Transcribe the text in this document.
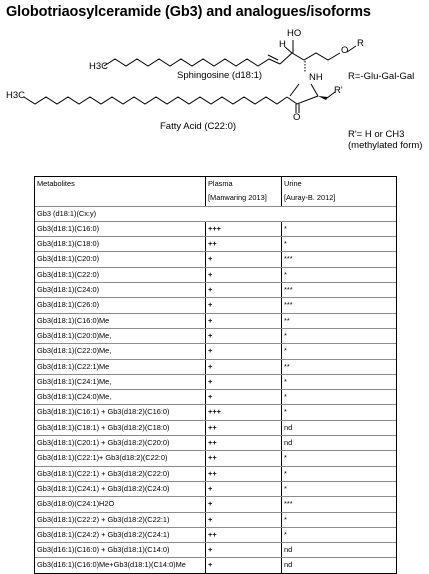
Globotriaosylceramide (Gb3) and analogues/isoforms
HO
H
O
R
NH
H3C
H3C	R'
O
Sphingosine (d18:1)
Fatty Acid (C22:0)
R=-Glu-Gal-Gal
R'= H or CH3
(methylated form)
Metabolites	Plasma	Urine
[Manwaring 2013]	[Auray-B. 2012]
Gb3 (d18:1)(Cx:y)
Gb3(d18:1)(C16:0)	+++	*
Gb3(d18:1)(C18:0)	++	*
Gb3(d18:1)(C20:0)	+	***
Gb3(d18:1)(C22:0)	+	*
Gb3(d18:1)(C24:0)	+	***
Gb3(d18:1)(C26:0)	+	***
Gb3(d18:1)(C16:0)Me	+	**
Gb3(d18:1)(C20:0)Me,	+	*
Gb3(d18:1)(C22:0)Me,	+	*
Gb3(d18:1)(C22:1)Me	+	**
Gb3(d18:1)(C24:1)Me,	+	*
Gb3(d18:1)(C24:0)Me,	+	*
Gb3(d18:1)(C16:1) + Gb3(d18:2)(C16:0)	+++	*
Gb3(d18:1)(C18:1) + Gb3(d18:2)(C18:0)	++	nd
Gb3(d18:1)(C20:1) + Gb3(d18:2)(C20:0)	++	nd
Gb3(d18:1)(C22:1)+ Gb3(d18:2)(C22:0)	++	*
Gb3(d18:1)(C22:1) + Gb3(d18:2)(C22:0)	++	*
Gb3(d18:1)(C24:1) + Gb3(d18:2)(C24:0)	+	*
Gb3(d18:0)(C24:1)H2O	+	***
Gb3(d18:1)(C22:2) + Gb3(d18:2)(C22:1)	+	*
Gb3(d18:1)(C24:2) + Gb3(d18:2)(C24:1)	++	*
Gb3(d16:1)(C16:0) + Gb3(d18:1)(C14:0)	+	nd
Gb3(d16:1)(C16:0)Me+Gb3(d18:1)(C14:0)Me	+	nd
